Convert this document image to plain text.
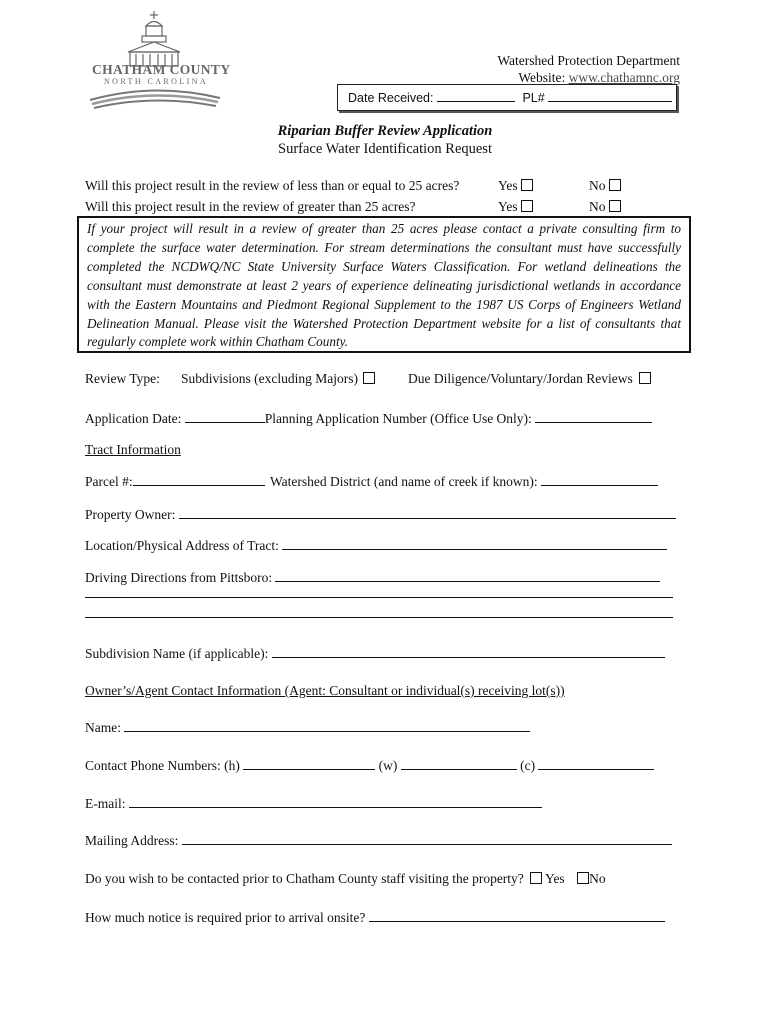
CHATHAM COUNTY
NORTH CAROLINA
Watershed Protection Department
Website: www.chathamnc.org
Date Received:	PL#
Riparian Buffer Review Application
Surface Water Identification Request
Will this project result in the review of less than or equal to 25 acres?	Yes	No
Will this project result in the review of greater than 25 acres?	Yes	No

If your project will result in a review of greater than 25 acres please contact a private consulting firm to complete the surface water determination. For stream determinations the consultant must have successfully completed the NCDWQ/NC State University Surface Waters Classification. For wetland delineations the consultant must demonstrate at least 2 years of experience delineating jurisdictional wetlands in accordance with the Eastern Mountains and Piedmont Regional Supplement to the 1987 US Corps of Engineers Wetland Delineation Manual. Please visit the Watershed Protection Department website for a list of consultants that regularly complete work within Chatham County.

Review Type: Subdivisions (excluding Majors)	Due Diligence/Voluntary/Jordan Reviews
Application Date:	Planning Application Number (Office Use Only):
Tract Information
Parcel #:	Watershed District (and name of creek if known):
Property Owner:
Location/Physical Address of Tract:
Driving Directions from Pittsboro:
Subdivision Name (if applicable):
Owner’s/Agent Contact Information (Agent: Consultant or individual(s) receiving lot(s))
Name:
Contact Phone Numbers: (h)	(w)	(c)
E-mail:
Mailing Address:
Do you wish to be contacted prior to Chatham County staff visiting the property? Yes No
How much notice is required prior to arrival onsite?
